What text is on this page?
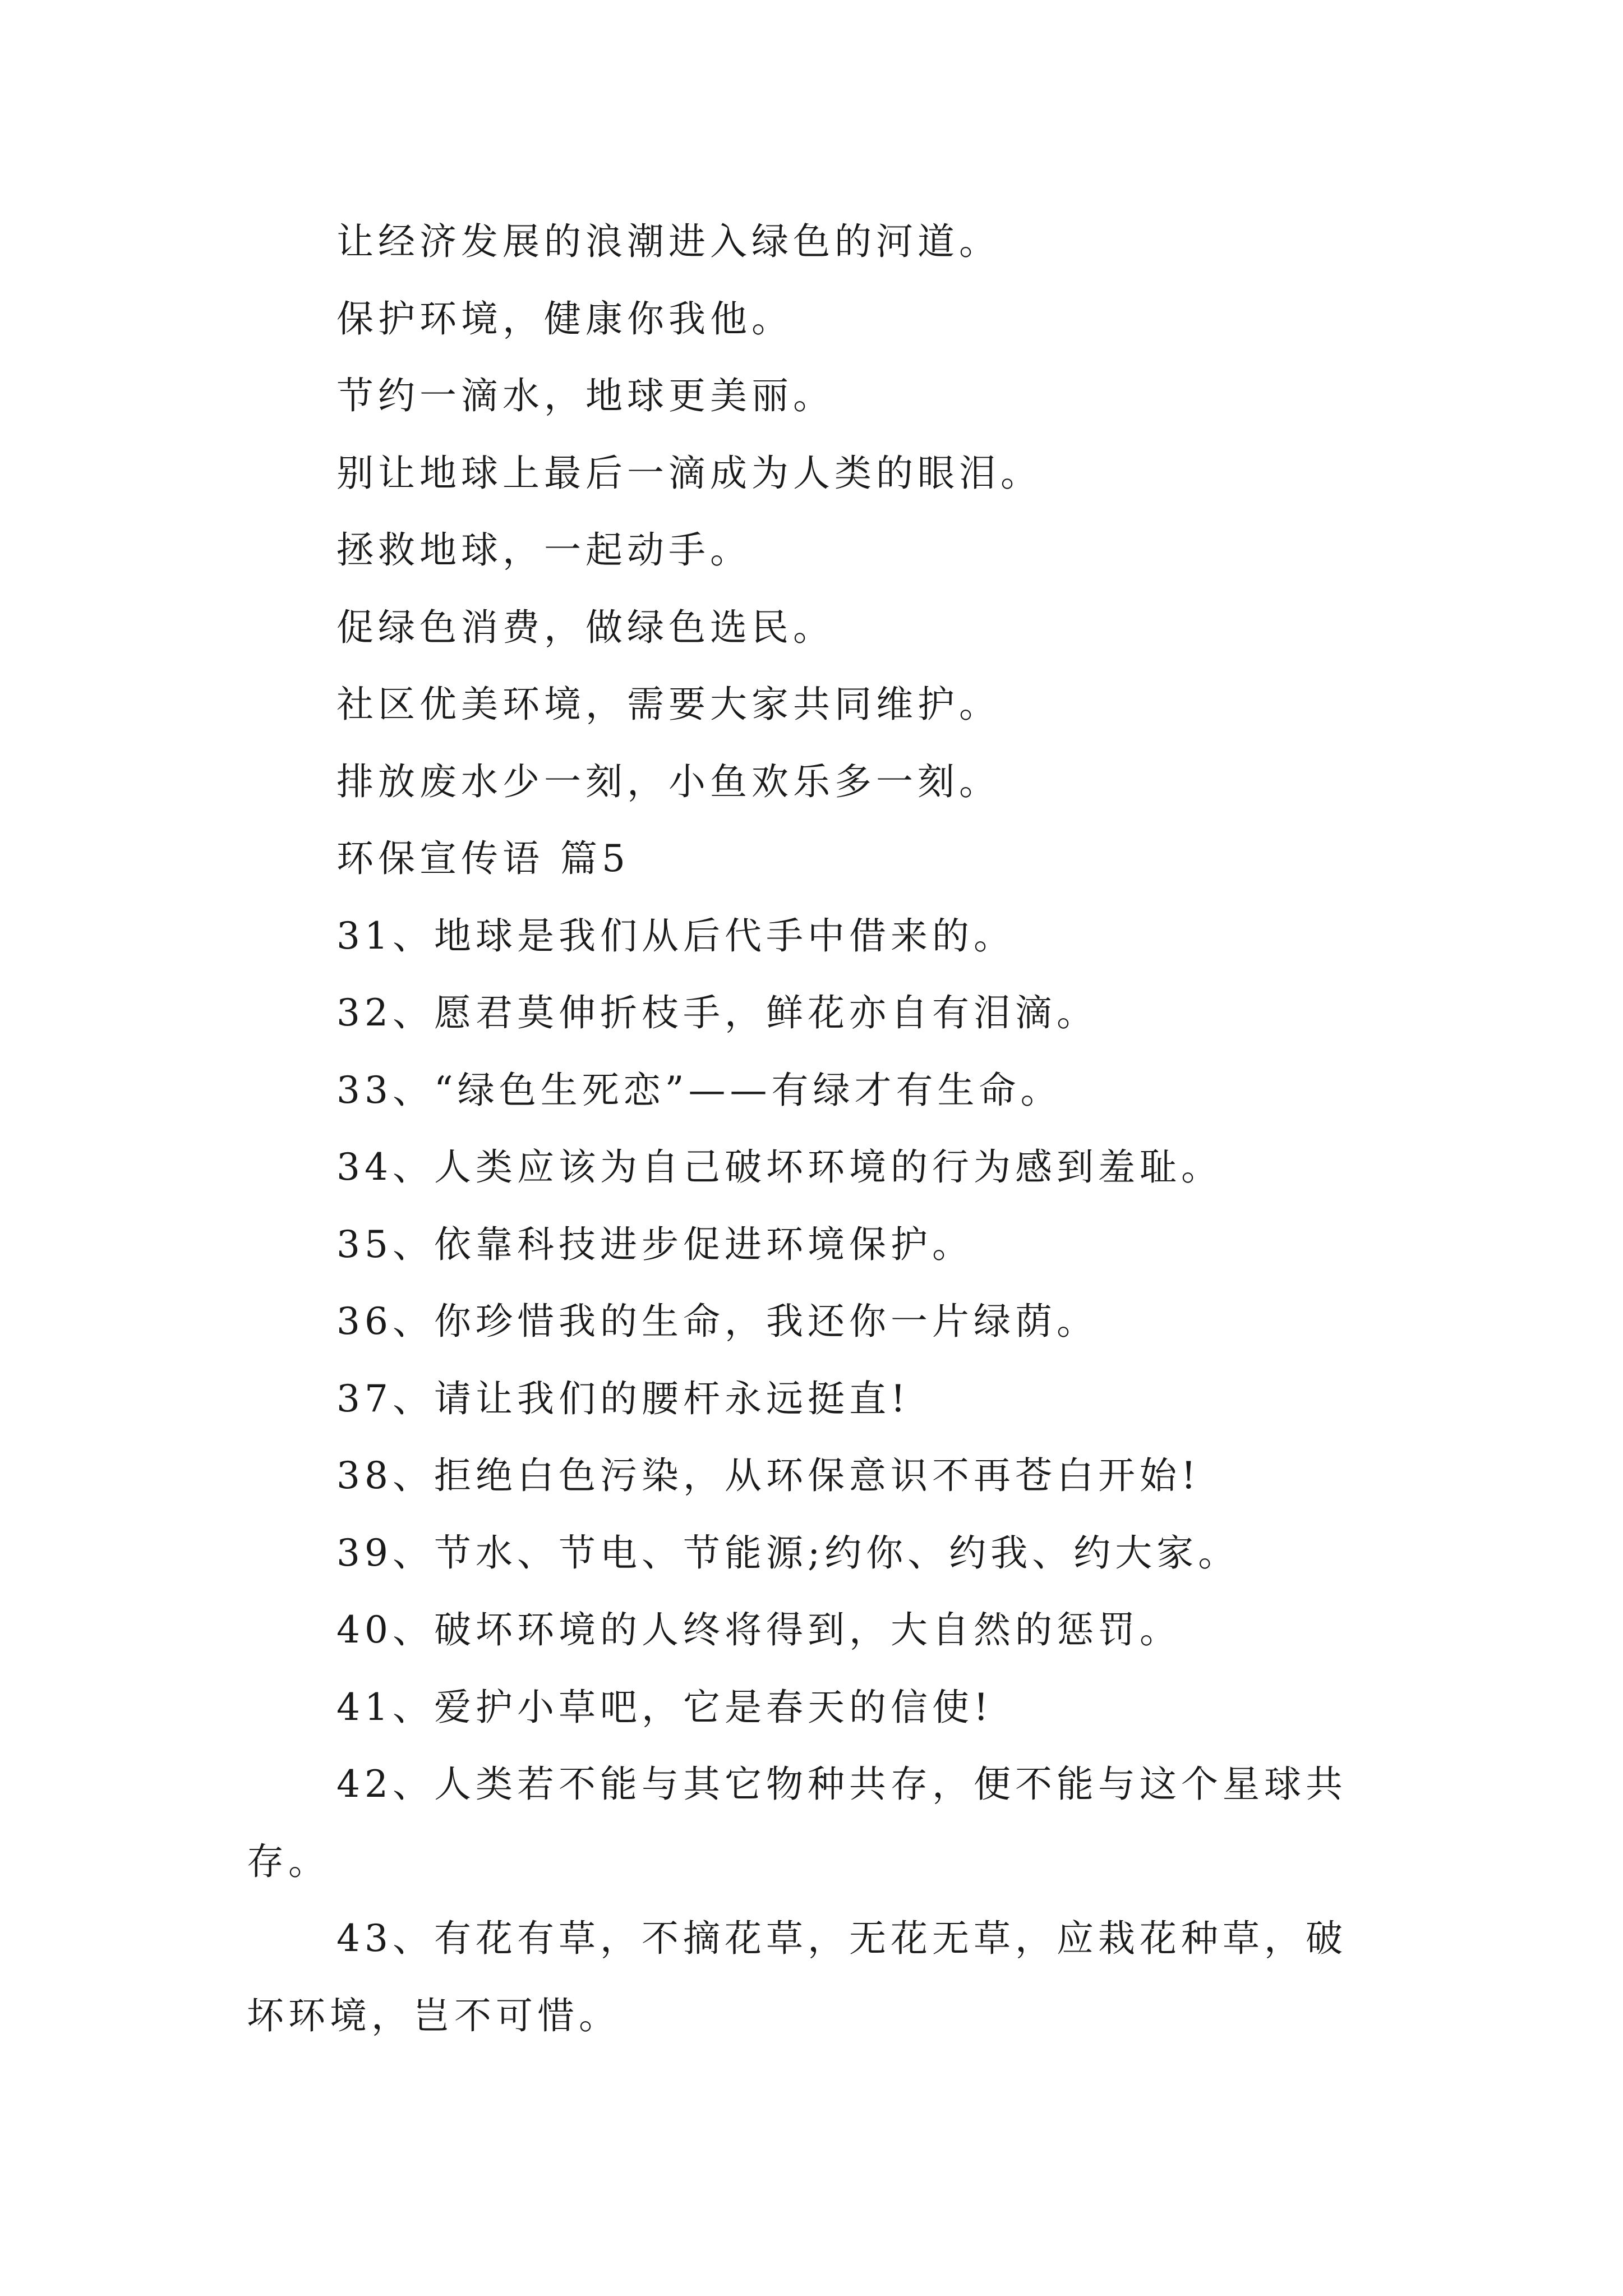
让经济发展的浪潮进入绿色的河道。
保护环境，健康你我他。
节约一滴水，地球更美丽。
别让地球上最后一滴成为人类的眼泪。
拯救地球，一起动手。
促绿色消费，做绿色选民。
社区优美环境，需要大家共同维护。
排放废水少一刻，小鱼欢乐多一刻。
环保宣传语 篇5
31、地球是我们从后代手中借来的。
32、愿君莫伸折枝手，鲜花亦自有泪滴。
33、“绿色生死恋”——有绿才有生命。
34、人类应该为自己破坏环境的行为感到羞耻。
35、依靠科技进步促进环境保护。
36、你珍惜我的生命，我还你一片绿荫。
37、请让我们的腰杆永远挺直!
38、拒绝白色污染，从环保意识不再苍白开始!
39、节水、节电、节能源;约你、约我、约大家。
40、破坏环境的人终将得到，大自然的惩罚。
41、爱护小草吧，它是春天的信使!

42、人类若不能与其它物种共存，便不能与这个星球共存。

43、有花有草，不摘花草，无花无草，应栽花种草，破坏环境，岂不可惜。
